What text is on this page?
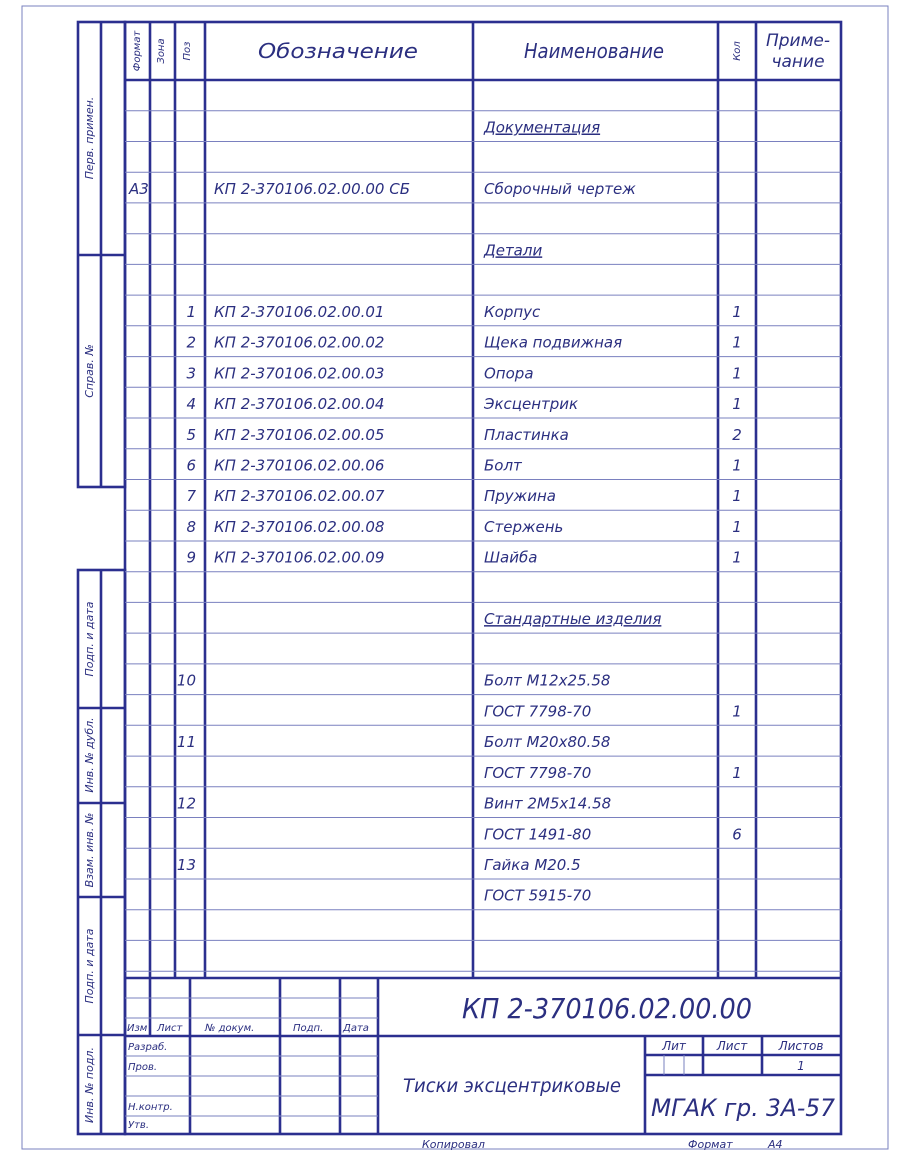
Перв. примен.
Справ. №
Подп. и дата
Инв. № дубл.
Взам. инв. №
Подп. и дата
Инв. № подл.
Формат Зона Поз	Обозначение	Наименование	Кол Приме-
чание
Документация
А3	КП 2-370106.02.00.00 СБ	Сборочный чертеж
Детали
1 КП 2-370106.02.00.01	Корпус	1
2 КП 2-370106.02.00.02	Щека подвижная	1
3 КП 2-370106.02.00.03	Опора	1
4 КП 2-370106.02.00.04	Эксцентрик	1
5 КП 2-370106.02.00.05	Пластинка	2
6 КП 2-370106.02.00.06	Болт	1
7 КП 2-370106.02.00.07	Пружина	1
8 КП 2-370106.02.00.08	Стержень	1
9 КП 2-370106.02.00.09	Шайба	1
Стандартные изделия
10	Болт М12х25.58
ГОСТ 7798-70	1
11	Болт М20х80.58
ГОСТ 7798-70	1
12	Винт 2М5х14.58
ГОСТ 1491-80	6
13	Гайка М20.5
ГОСТ 5915-70
КП 2-370106.02.00.00
Изм Лист № докум.	Подп. Дата
Разраб.
Пров.
Н.контр.
Утв.
Тиски эксцентриковые
Лит	Лист	Листов
1
МГАК гр. 3А-57
Копировал	Формат	А4
